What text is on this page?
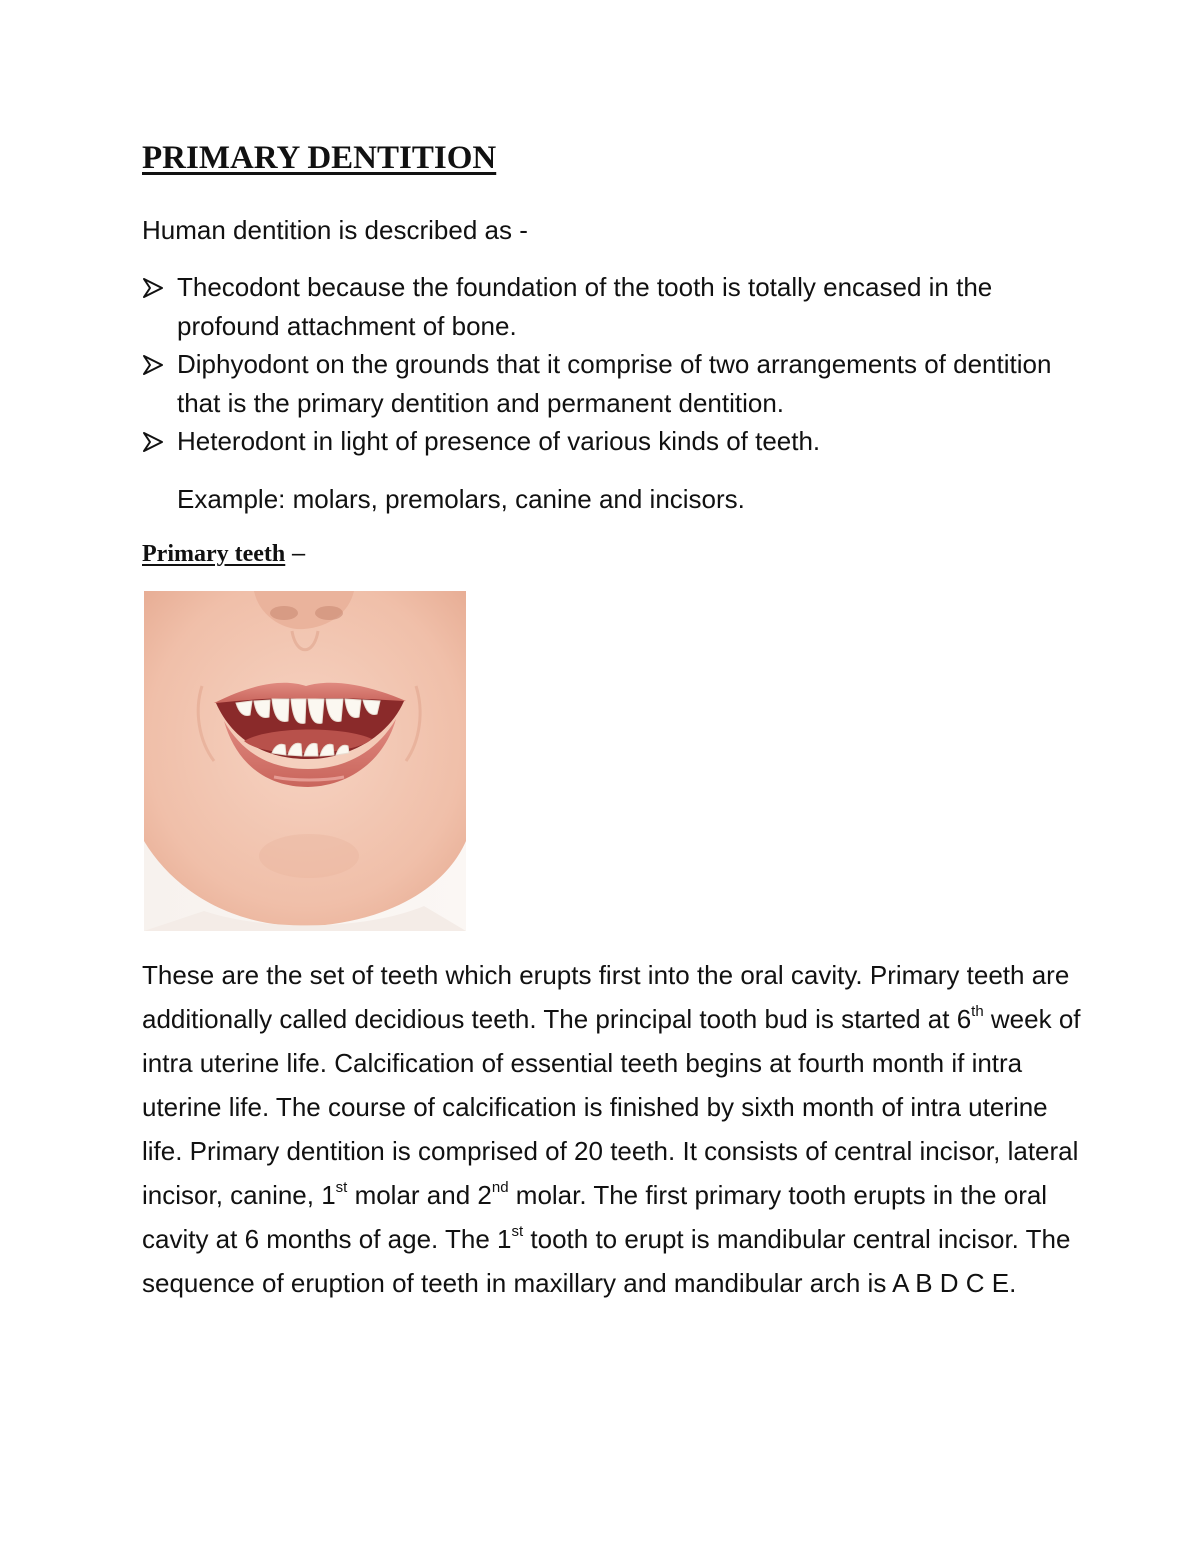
PRIMARY DENTITION
Human dentition is described as -
Thecodont because the foundation of the tooth is totally encased in the profound attachment of bone.
Diphyodont on the grounds that it comprise of two arrangements of dentition that is the primary dentition and permanent dentition.
Heterodont in light of presence of various kinds of teeth.
Example: molars, premolars, canine and incisors.
Primary teeth –
These are the set of teeth which erupts first into the oral cavity. Primary teeth are additionally called decidious teeth. The principal tooth bud is started at 6th week of intra uterine life. Calcification of essential teeth begins at fourth month if intra uterine life. The course of calcification is finished by sixth month of intra uterine life. Primary dentition is comprised of 20 teeth. It consists of central incisor, lateral incisor, canine, 1st molar and 2nd molar. The first primary tooth erupts in the oral cavity at 6 months of age. The 1st tooth to erupt is mandibular central incisor. The sequence of eruption of teeth in maxillary and mandibular arch is A B D C E.
